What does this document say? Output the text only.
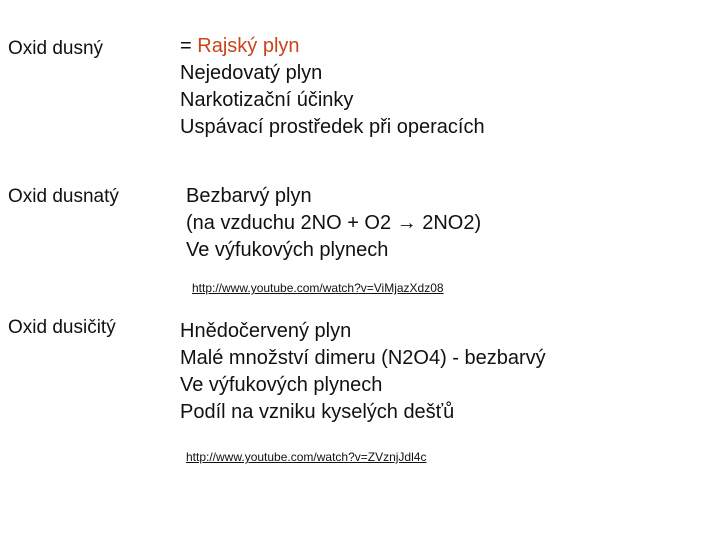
Oxid dusný	= Rajský plyn
Nejedovatý plyn
Narkotizační účinky
Uspávací prostředek při operacích
Oxid dusnatý	Bezbarvý plyn
(na vzduchu 2NO + O2 → 2NO2)
Ve výfukových plynech
http://www.youtube.com/watch?v=ViMjazXdz08
Oxid dusičitý	Hnědočervený plyn
Malé množství dimeru (N2O4) - bezbarvý
Ve výfukových plynech
Podíl na vzniku kyselých dešťů
http://www.youtube.com/watch?v=ZVznjJdl4c
